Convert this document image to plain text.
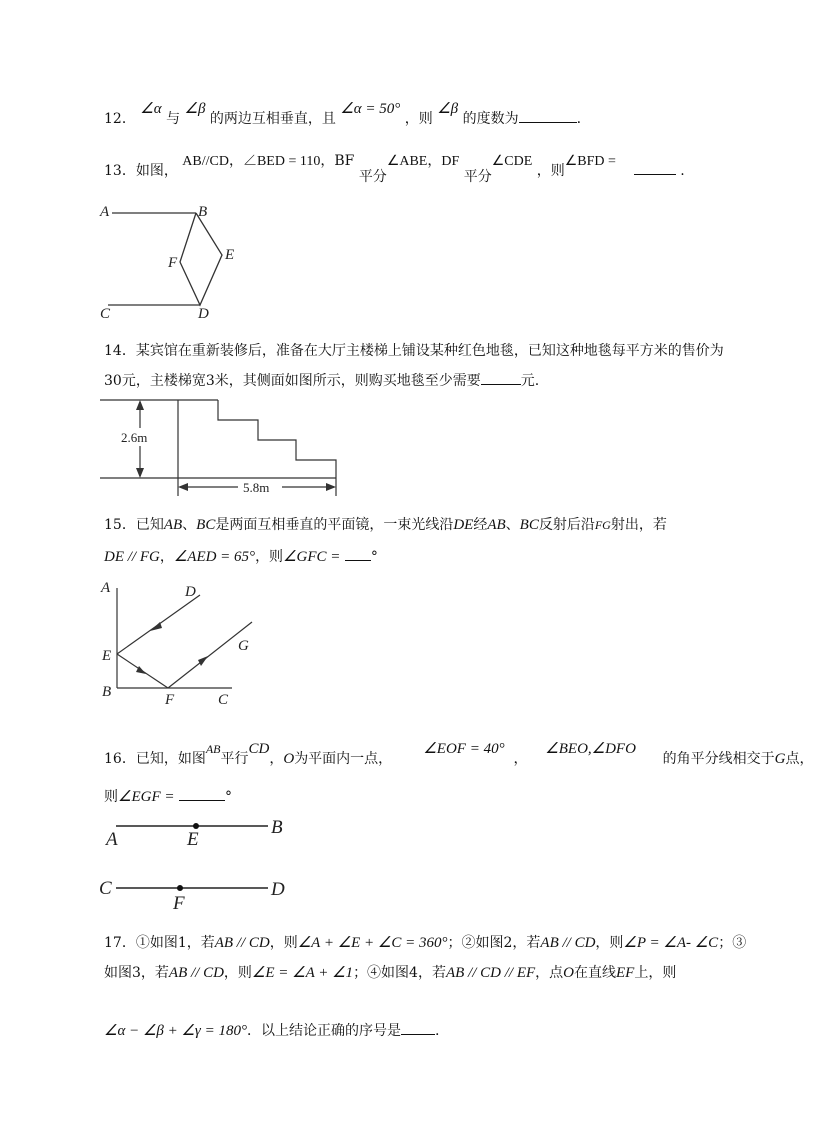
12． ∠α 与 ∠β 的两边互相垂直，且 ∠α = 50° ，则 ∠β 的度数为	.
13．如图， AB//CD，∠BED = 110，BF 平分∠ABE，DF 平分∠CDE ，则∠BFD =     .
A	B
E
F
D
C
2.6m
5.8m
A	D
E
G
B	F	C
A	E
B
C
F
D
14．某宾馆在重新装修后，准备在大厅主楼梯上铺设某种红色地毯，已知这种地毯每平方米的售价为
30元，主楼梯宽3米，其侧面如图所示，则购买地毯至少需要	元.
15．已知AB、BC是两面互相垂直的平面镜，一束光线沿DE经AB、BC反射后沿FG射出，若
DE // FG，∠AED = 65°，则∠GFC = °
16．已知，如图AB平行CD，O为平面内一点，       ∠EOF = 40°  ，    ∠BEO,∠DFO      的角平分线相交于G点，
则∠EGF =	°
17．①如图1，若AB // CD，则∠A + ∠E + ∠C = 360°；②如图2，若AB // CD，则∠P = ∠A- ∠C；③
如图3，若AB // CD，则∠E = ∠A + ∠1；④如图4，若AB // CD // EF，点O在直线EF上，则
∠α − ∠β + ∠γ = 180°．以上结论正确的序号是 .
